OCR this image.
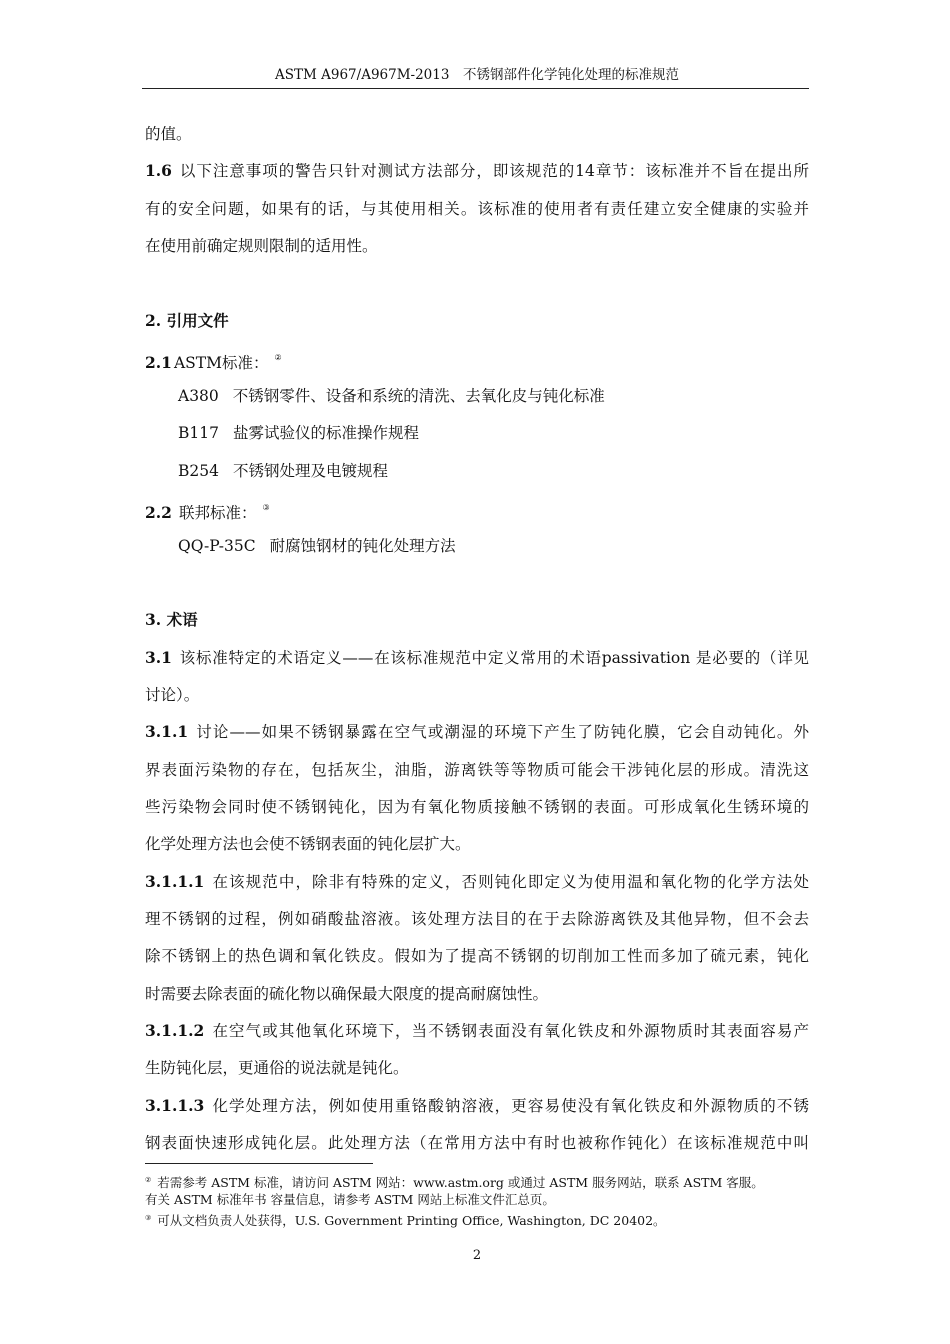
ASTM A967/A967M-2013　不锈钢部件化学钝化处理的标准规范
的值。
1.6 以下注意事项的警告只针对测试方法部分，即该规范的14章节：该标准并不旨在提出所
有的安全问题，如果有的话，与其使用相关。该标准的使用者有责任建立安全健康的实验并
在使用前确定规则限制的适用性。
2. 引用文件
2.1 ASTM标准： ②
A380 不锈钢零件、设备和系统的清洗、去氧化皮与钝化标准
B117 盐雾试验仪的标准操作规程
B254 不锈钢处理及电镀规程
2.2 联邦标准： ③
QQ-P-35C 耐腐蚀钢材的钝化处理方法
3. 术语
3.1 该标准特定的术语定义——在该标准规范中定义常用的术语passivation 是必要的（详见
讨论）。
3.1.1 讨论——如果不锈钢暴露在空气或潮湿的环境下产生了防钝化膜，它会自动钝化。外
界表面污染物的存在，包括灰尘，油脂，游离铁等等物质可能会干涉钝化层的形成。清洗这
些污染物会同时使不锈钢钝化，因为有氧化物质接触不锈钢的表面。可形成氧化生锈环境的
化学处理方法也会使不锈钢表面的钝化层扩大。
3.1.1.1 在该规范中，除非有特殊的定义，否则钝化即定义为使用温和氧化物的化学方法处
理不锈钢的过程，例如硝酸盐溶液。该处理方法目的在于去除游离铁及其他异物，但不会去
除不锈钢上的热色调和氧化铁皮。假如为了提高不锈钢的切削加工性而多加了硫元素，钝化
时需要去除表面的硫化物以确保最大限度的提高耐腐蚀性。
3.1.1.2 在空气或其他氧化环境下，当不锈钢表面没有氧化铁皮和外源物质时其表面容易产
生防钝化层，更通俗的说法就是钝化。
3.1.1.3 化学处理方法，例如使用重铬酸钠溶液，更容易使没有氧化铁皮和外源物质的不锈
钢表面快速形成钝化层。此处理方法（在常用方法中有时也被称作钝化）在该标准规范中叫
② 若需参考 ASTM 标准，请访问 ASTM 网站：www.astm.org 或通过 ASTM 服务网站，联系 ASTM 客服。
有关 ASTM 标准年书 容量信息，请参考 ASTM 网站上标准文件汇总页。
③ 可从文档负责人处获得，U.S. Government Printing Office, Washington, DC 20402。
2
